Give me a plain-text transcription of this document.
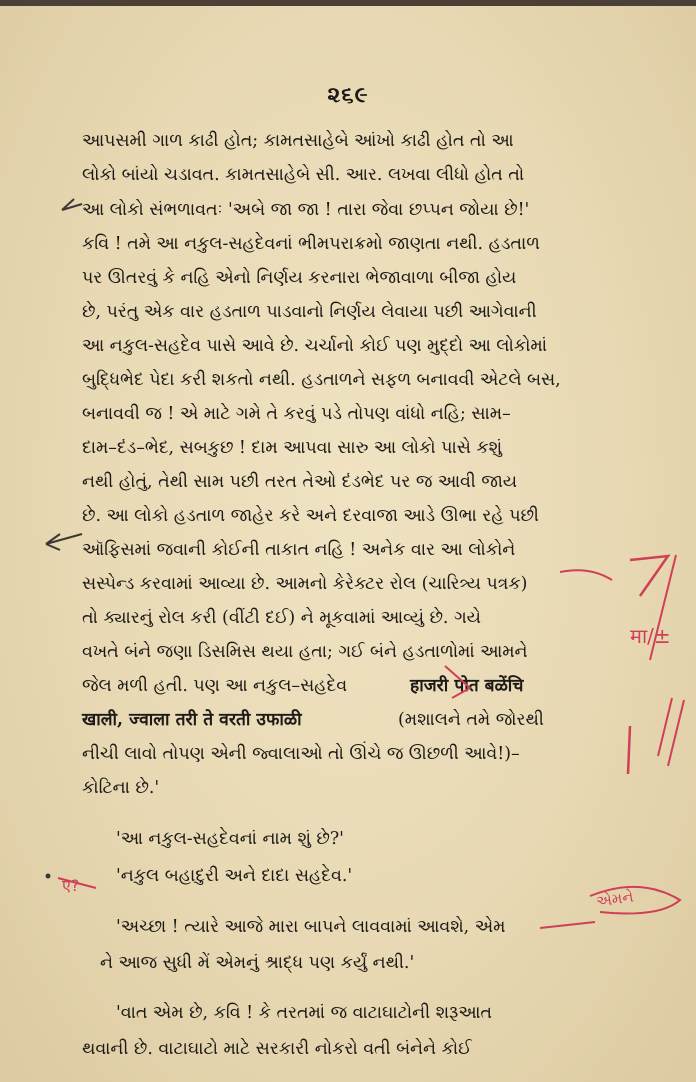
૨૬૯
આપસમી ગાળ કાઢી હોત; કામતસાહેબે આંખો કાઢી હોત તો આ
લોકો બાંયો ચડાવત. કામતસાહેબે સી. આર. લખવા લીધો હોત તો
આ લોકો સંભળાવતઃ 'અબે જા જા ! તારા જેવા છપ્પન જોયા છે!'
કવિ ! તમે આ નકુલ-સહદેવનાં ભીમપરાક્રમો જાણતા નથી. હડતાળ
પર ઊતરવું કે નહિ એનો નિર્ણય કરનારા ભેજાવાળા બીજા હોય
છે, પરંતુ એક વાર હડતાળ પાડવાનો નિર્ણય લેવાયા પછી આગેવાની
આ નકુલ-સહદેવ પાસે આવે છે. ચર્ચાનો કોઈ પણ મુદ્દો આ લોકોમાં
બુદ્ધિભેદ પેદા કરી શકતો નથી. હડતાળને સફળ બનાવવી એટલે બસ,
બનાવવી જ ! એ માટે ગમે તે કરવું પડે તોપણ વાંધો નહિ; સામ–
દામ–દંડ–ભેદ, સબકુછ ! દામ આપવા સારુ આ લોકો પાસે કશું
નથી હોતું, તેથી સામ પછી તરત તેઓ દંડભેદ પર જ આવી જાય
છે. આ લોકો હડતાળ જાહેર કરે અને દરવાજા આડે ઊભા રહે પછી
ઑફિસમાં જવાની કોઈની તાકાત નહિ ! અનેક વાર આ લોકોને
સસ્પેન્ડ કરવામાં આવ્યા છે. આમનો કેરેક્ટર રોલ (ચારિત્ર્ય પત્રક)
તો ક્યારનું રોલ કરી (વીંટી દઈ) ને મૂકવામાં આવ્યું છે. ગયે
વખતે બંને જણા ડિસમિસ થયા હતા; ગઈ બંને હડતાળોમાં આમને
જેલ મળી હતી. પણ આ નકુલ–સહદેવ	हाजरी पोत बळेंचि
खाली, ज्वाला तरी ते वरती उफाळी	(મશાલને તમે જોરથી
નીચી લાવો તોપણ એની જ્વાલાઓ તો ઊંચે જ ઊછળી આવે!)–
કોટિના છે.'
'આ નકુલ-સહદેવનાં નામ શું છે?'
'નકુલ બહાદુરી અને દાદા સહદેવ.'
'અચ્છા ! ત્યારે આજે મારા બાપને લાવવામાં આવશે, એમ
ને આજ સુધી મેં એમનું શ્રાદ્ધ પણ કર્યું નથી.'
'વાત એમ છે, કવિ ! કે તરતમાં જ વાટાઘાટોની શરૂઆત
થવાની છે. વાટાઘાટો માટે સરકારી નોકરો વતી બંનેને કોઈ
मा/±
ए?
એમને
